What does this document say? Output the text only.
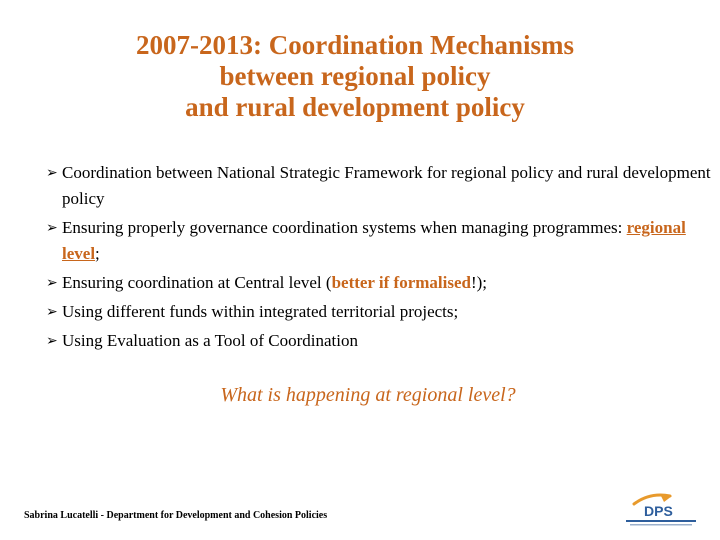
2007-2013: Coordination Mechanisms
between regional policy
and rural development policy
➢ Coordination between National Strategic Framework for regional policy and rural development policy
➢ Ensuring properly governance coordination systems when managing programmes: regional level;
➢ Ensuring coordination at Central level (better if formalised!);
➢ Using different funds within integrated territorial projects;
➢ Using Evaluation as a Tool of Coordination
What is happening at regional level?
Sabrina Lucatelli - Department for Development and Cohesion Policies	DPS
